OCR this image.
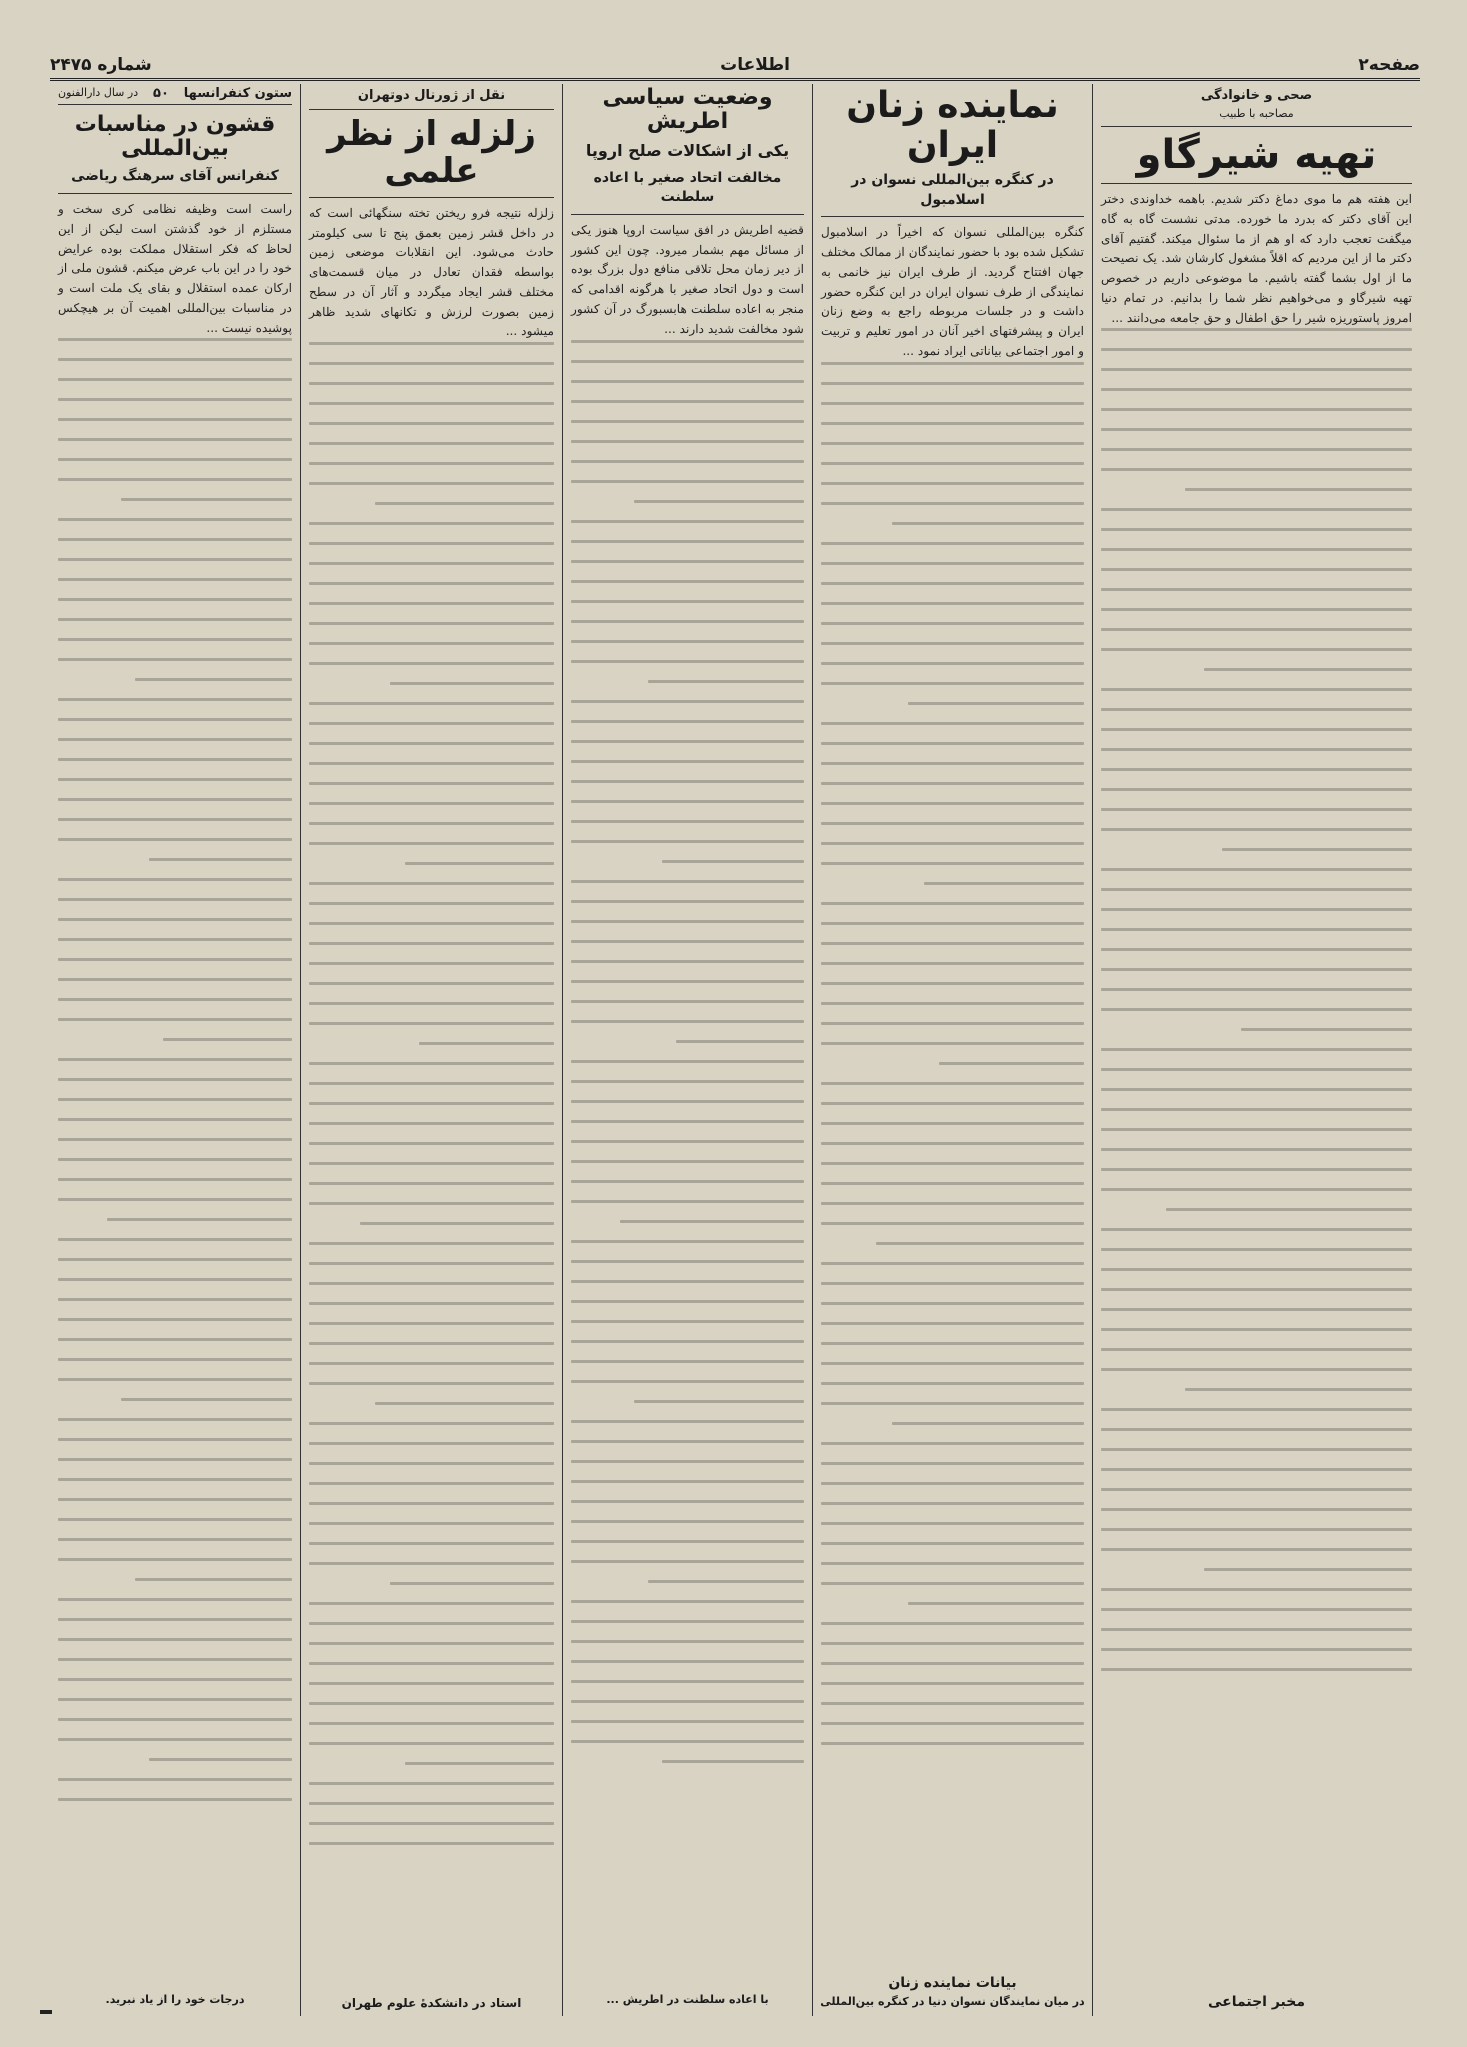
صفحه۲
اطلاعات
شماره ۲۴۷۵
صحی و خانوادگی
مصاحبه با طبیب
تهیه شیرگاو
این هفته هم ما موی دماغ دکتر شدیم. باهمه خداوندی دختر این آقای دکتر که بدرد ما خورده. مدتی نشست گاه به گاه میگفت تعجب دارد که او هم از ما سئوال میکند. گفتیم آقای دکتر ما از این مردیم که اقلاً مشغول کارشان شد. یک نصیحت ما از اول بشما گفته باشیم. ما موضوعی داریم در خصوص تهیه شیرگاو و می‌خواهیم نظر شما را بدانیم. در تمام دنیا امروز پاستوریزه شیر را حق اطفال و حق جامعه می‌دانند ...
مخبر اجتماعی
نماینده زنان ایران
در کنگره بین‌المللی نسوان در اسلامبول
کنگره بین‌المللی نسوان که اخیراً در اسلامبول تشکیل شده بود با حضور نمایندگان از ممالک مختلف جهان افتتاح گردید. از طرف ایران نیز خانمی به نمایندگی از طرف نسوان ایران در این کنگره حضور داشت و در جلسات مربوطه راجع به وضع زنان ایران و پیشرفتهای اخیر آنان در امور تعلیم و تربیت و امور اجتماعی بیاناتی ایراد نمود ...
بیانات نماینده زنان
در میان نمایندگان نسوان دنیا در کنگره بین‌المللی
وضعیت سیاسی اطریش
یکی از اشکالات صلح اروپا
مخالفت اتحاد صغیر با اعاده سلطنت
قضیه اطریش در افق سیاست اروپا هنوز یکی از مسائل مهم بشمار میرود. چون این کشور از دیر زمان محل تلاقی منافع دول بزرگ بوده است و دول اتحاد صغیر با هرگونه اقدامی که منجر به اعاده سلطنت هابسبورگ در آن کشور شود مخالفت شدید دارند ...
با اعاده سلطنت در اطریش ...
نقل از ژورنال دوتهران
زلزله از نظر علمی
زلزله نتیجه فرو ریختن تخته سنگهائی است که در داخل قشر زمین بعمق پنج تا سی کیلومتر حادث می‌شود. این انقلابات موضعی زمین بواسطه فقدان تعادل در میان قسمت‌های مختلف قشر ایجاد میگردد و آثار آن در سطح زمین بصورت لرزش و تکانهای شدید ظاهر میشود ...
استاد در دانشکدهٔ علوم طهران
ستون کنفرانسها
۵۰
در سال دارالفنون
قشون در مناسبات بین‌المللی
کنفرانس آقای سرهنگ ریاضی
راست است وظیفه نظامی کری سخت و مستلزم از خود گذشتن است لیکن از این لحاظ که فکر استقلال مملکت بوده عرایض خود را در این باب عرض میکنم. قشون ملی از ارکان عمده استقلال و بقای یک ملت است و در مناسبات بین‌المللی اهمیت آن بر هیچکس پوشیده نیست ...
درجات خود را از یاد نبرید.
